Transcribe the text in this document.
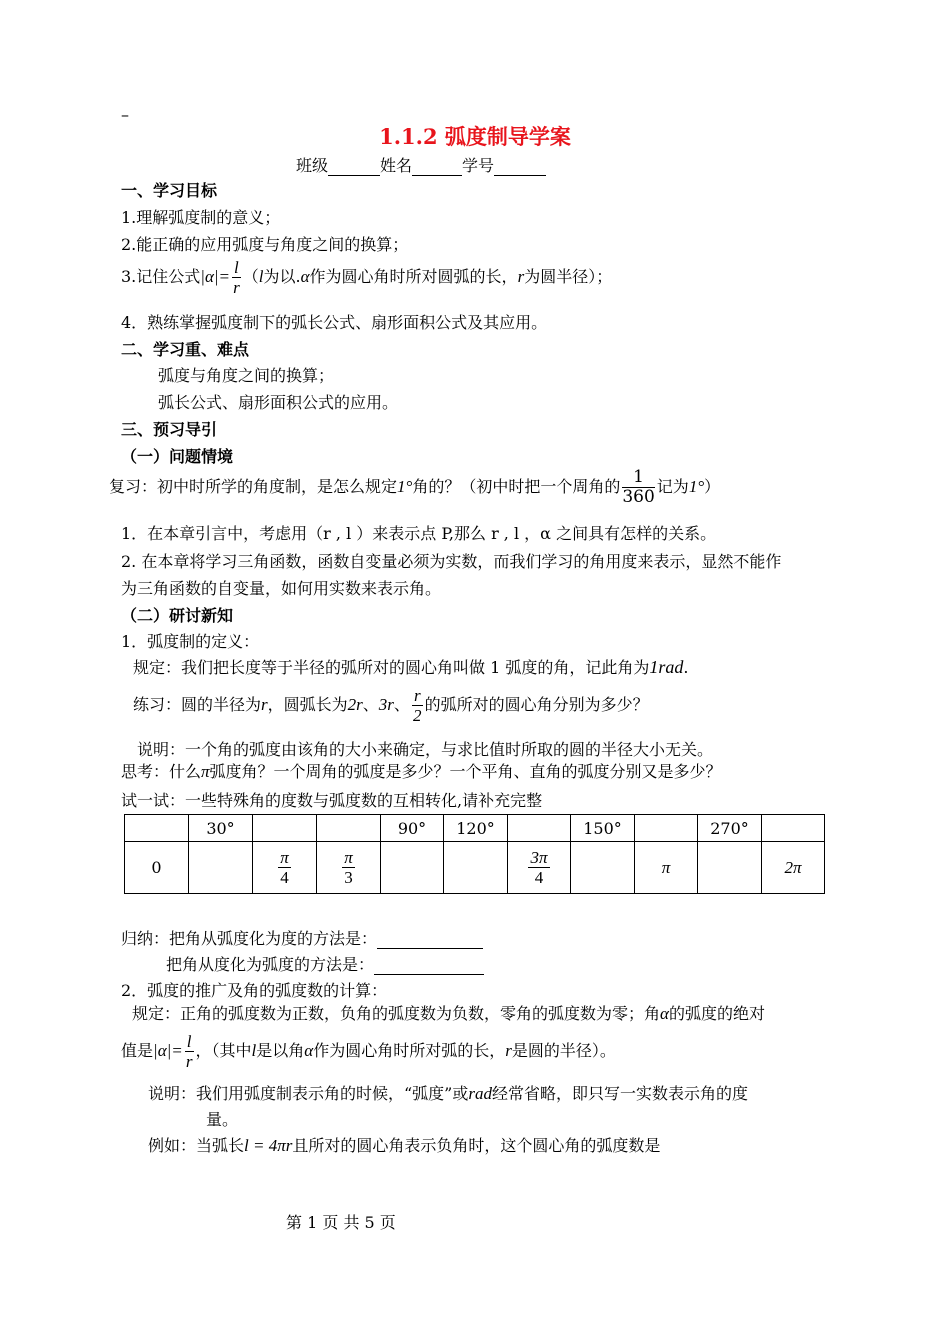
–
1.1.2 弧度制导学案
班级	姓名	学号
一、学习目标
1.理解弧度制的意义；
2.能正确的应用弧度与角度之间的换算；
3.记住公式$|\alpha|= \frac{l}{r} (l$为以.α作为圆心角时所对圆弧的长，r为圆半径）；
4．熟练掌握弧度制下的弧长公式、扇形面积公式及其应用。
二、学习重、难点
弧度与角度之间的换算；
弧长公式、扇形面积公式的应用。
三、预习导引
（一）问题情境
复习：初中时所学的角度制，是怎么规定1°角的？（初中时把一个周角的 $\frac{1}{360}$ 记为1°）
1．在本章引言中，考虑用（r , l ）来表示点 P,那么 r , l ，α 之间具有怎样的关系。
2. 在本章将学习三角函数，函数自变量必须为实数，而我们学习的角用度来表示，显然不能作
为三角函数的自变量，如何用实数来表示角。
（二）研讨新知
1．弧度制的定义：
规定：我们把长度等于半径的弧所对的圆心角叫做 1 弧度的角，记此角为1rad.
练习：圆的半径为r，圆弧长为2r、3r、 $\frac{r}{2}$ 的弧所对的圆心角分别为多少？
说明：一个角的弧度由该角的大小来确定，与求比值时所取的圆的半径大小无关。
思考：什么π弧度角？一个周角的弧度是多少？一个平角、直角的弧度分别又是多少？
试一试：一些特殊角的度数与弧度数的互相转化,请补充完整
	30°			90°	120°		150°		270°	
0		$\frac{\pi}{4}$	$\frac{\pi}{3}$			$\frac{3\pi}{4}$		π		2π
归纳：把角从弧度化为度的方法是：
把角从度化为弧度的方法是：
2．弧度的推广及角的弧度数的计算：
规定：正角的弧度数为正数，负角的弧度数为负数，零角的弧度数为零；角α的弧度的绝对
值是$|\alpha|= \frac{l}{r}$ ，（其中l是以角α作为圆心角时所对弧的长，r是圆的半径）。
说明：我们用弧度制表示角的时候，“弧度”或rad经常省略，即只写一实数表示角的度
量。
例如：当弧长l = 4πr且所对的圆心角表示负角时，这个圆心角的弧度数是
第 1 页 共 5 页
